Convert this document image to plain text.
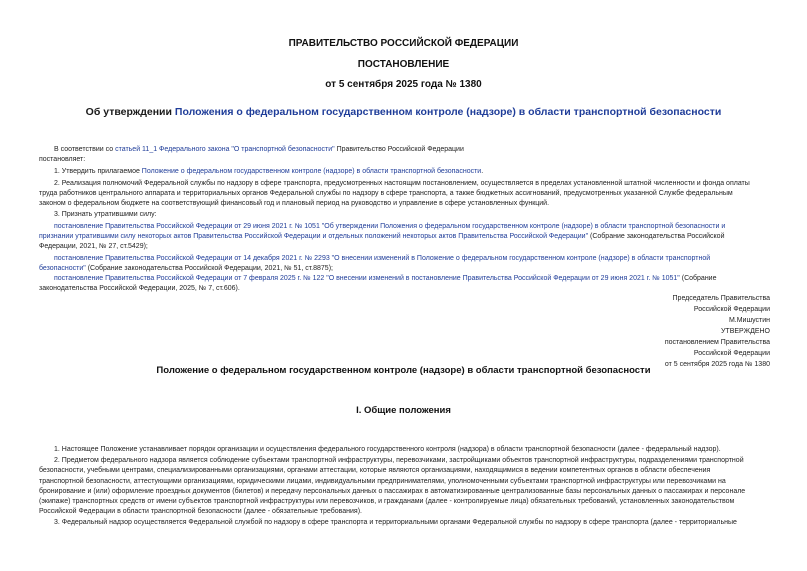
ПРАВИТЕЛЬСТВО РОССИЙСКОЙ ФЕДЕРАЦИИ
ПОСТАНОВЛЕНИЕ
от 5 сентября 2025 года № 1380
Об утверждении Положения о федеральном государственном контроле (надзоре) в области транспортной безопасности
В соответствии со статьей 11_1 Федерального закона "О транспортной безопасности" Правительство Российской Федерации
постановляет:
1. Утвердить прилагаемое Положение о федеральном государственном контроле (надзоре) в области транспортной безопасности.
2. Реализация полномочий Федеральной службы по надзору в сфере транспорта, предусмотренных настоящим постановлением, осуществляется в пределах установленной штатной численности и фонда оплаты
труда работников центрального аппарата и территориальных органов Федеральной службы по надзору в сфере транспорта, а также бюджетных ассигнований, предусмотренных указанной Службе федеральным
законом о федеральном бюджете на соответствующий финансовый год и плановый период на руководство и управление в сфере установленных функций.
3. Признать утратившими силу:
постановление Правительства Российской Федерации от 29 июня 2021 г. № 1051 "Об утверждении Положения о федеральном государственном контроле (надзоре) в области транспортной безопасности и
признании утратившими силу некоторых актов Правительства Российской Федерации и отдельных положений некоторых актов Правительства Российской Федерации" (Собрание законодательства Российской
Федерации, 2021, № 27, ст.5429);
постановление Правительства Российской Федерации от 14 декабря 2021 г. № 2293 "О внесении изменений в Положение о федеральном государственном контроле (надзоре) в области транспортной
безопасности" (Собрание законодательства Российской Федерации, 2021, № 51, ст.8875);
постановление Правительства Российской Федерации от 7 февраля 2025 г. № 122 "О внесении изменений в постановление Правительства Российской Федерации от 29 июня 2021 г. № 1051" (Собрание
законодательства Российской Федерации, 2025, № 7, ст.606).
Председатель Правительства
Российской Федерации
М.Мишустин
УТВЕРЖДЕНО
постановлением Правительства
Российской Федерации
от 5 сентября 2025 года № 1380
Положение о федеральном государственном контроле (надзоре) в области транспортной безопасности
I. Общие положения
1. Настоящее Положение устанавливает порядок организации и осуществления федерального государственного контроля (надзора) в области транспортной безопасности (далее - федеральный надзор).
2. Предметом федерального надзора является соблюдение субъектами транспортной инфраструктуры, перевозчиками, застройщиками объектов транспортной инфраструктуры, подразделениями транспортной
безопасности, учебными центрами, специализированными организациями, органами аттестации, которые являются организациями, находящимися в ведении компетентных органов в области обеспечения
транспортной безопасности, аттестующими организациями, юридическими лицами, индивидуальными предпринимателями, уполномоченными субъектами транспортной инфраструктуры или перевозчиками на
бронирование и (или) оформление проездных документов (билетов) и передачу персональных данных о пассажирах в автоматизированные централизованные базы персональных данных о пассажирах и персонале
(экипаже) транспортных средств от имени субъектов транспортной инфраструктуры или перевозчиков, и гражданами (далее - контролируемые лица) обязательных требований, установленных законодательством
Российской Федерации в области транспортной безопасности (далее - обязательные требования).
3. Федеральный надзор осуществляется Федеральной службой по надзору в сфере транспорта и территориальными органами Федеральной службы по надзору в сфере транспорта (далее - территориальные
